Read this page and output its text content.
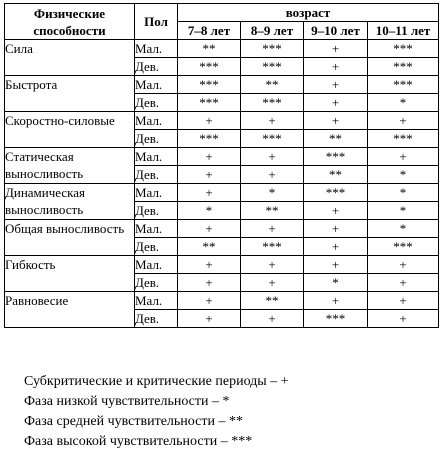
Физические способности	Пол	возраст			
		7–8 лет	8–9 лет	9–10 лет	10–11 лет
Сила	Мал.	**	***	+	***
	Дев.	***	***	+	***
Быстрота	Мал.	***	**	+	***
	Дев.	***	***	+	*
Скоростно-силовые	Мал.	+	+	+	+
	Дев.	***	***	**	***
Статическая выносливость	Мал.	+	+	***	+
	Дев.	+	+	**	*
Динамическая выносливость	Мал.	+	*	***	*
	Дев.	*	**	+	*
Общая выносливость	Мал.	+	+	+	*
	Дев.	**	***	+	***
Гибкость	Мал.	+	+	+	+
	Дев.	+	+	*	+
Равновесие	Мал.	+	**	+	+
	Дев.	+	+	***	+
Субкритические и критические периоды – +
Фаза низкой чувствительности – *
Фаза средней чувствительности – **
Фаза высокой чувствительности – ***
